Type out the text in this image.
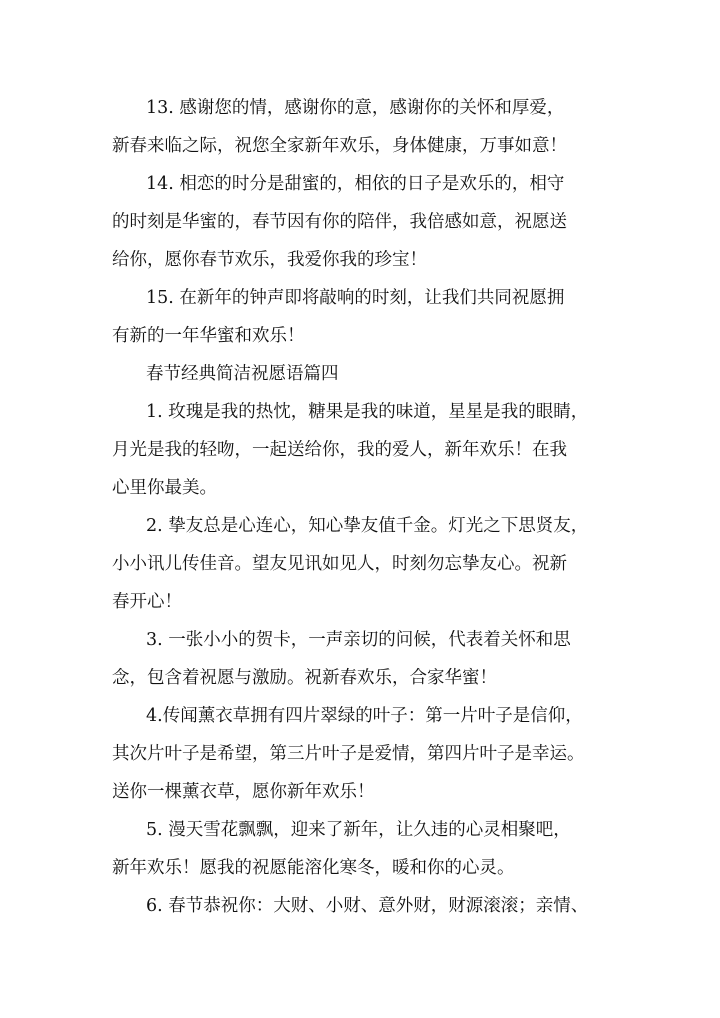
13. 感谢您的情，感谢你的意，感谢你的关怀和厚爱，
新春来临之际，祝您全家新年欢乐，身体健康，万事如意！
14. 相恋的时分是甜蜜的，相依的日子是欢乐的，相守
的时刻是华蜜的，春节因有你的陪伴，我倍感如意，祝愿送
给你，愿你春节欢乐，我爱你我的珍宝！
15. 在新年的钟声即将敲响的时刻，让我们共同祝愿拥
有新的一年华蜜和欢乐！
春节经典简洁祝愿语篇四
1. 玫瑰是我的热忱，糖果是我的味道，星星是我的眼睛，
月光是我的轻吻，一起送给你，我的爱人，新年欢乐！在我
心里你最美。
2. 挚友总是心连心，知心挚友值千金。灯光之下思贤友，
小小讯儿传佳音。望友见讯如见人，时刻勿忘挚友心。祝新
春开心！
3. 一张小小的贺卡，一声亲切的问候，代表着关怀和思
念，包含着祝愿与激励。祝新春欢乐，合家华蜜！
4.传闻薰衣草拥有四片翠绿的叶子：第一片叶子是信仰，
其次片叶子是希望，第三片叶子是爱情，第四片叶子是幸运。
送你一棵薰衣草，愿你新年欢乐！
5. 漫天雪花飘飘，迎来了新年，让久违的心灵相聚吧，
新年欢乐！愿我的祝愿能溶化寒冬，暖和你的心灵。
6. 春节恭祝你：大财、小财、意外财，财源滚滚；亲情、
